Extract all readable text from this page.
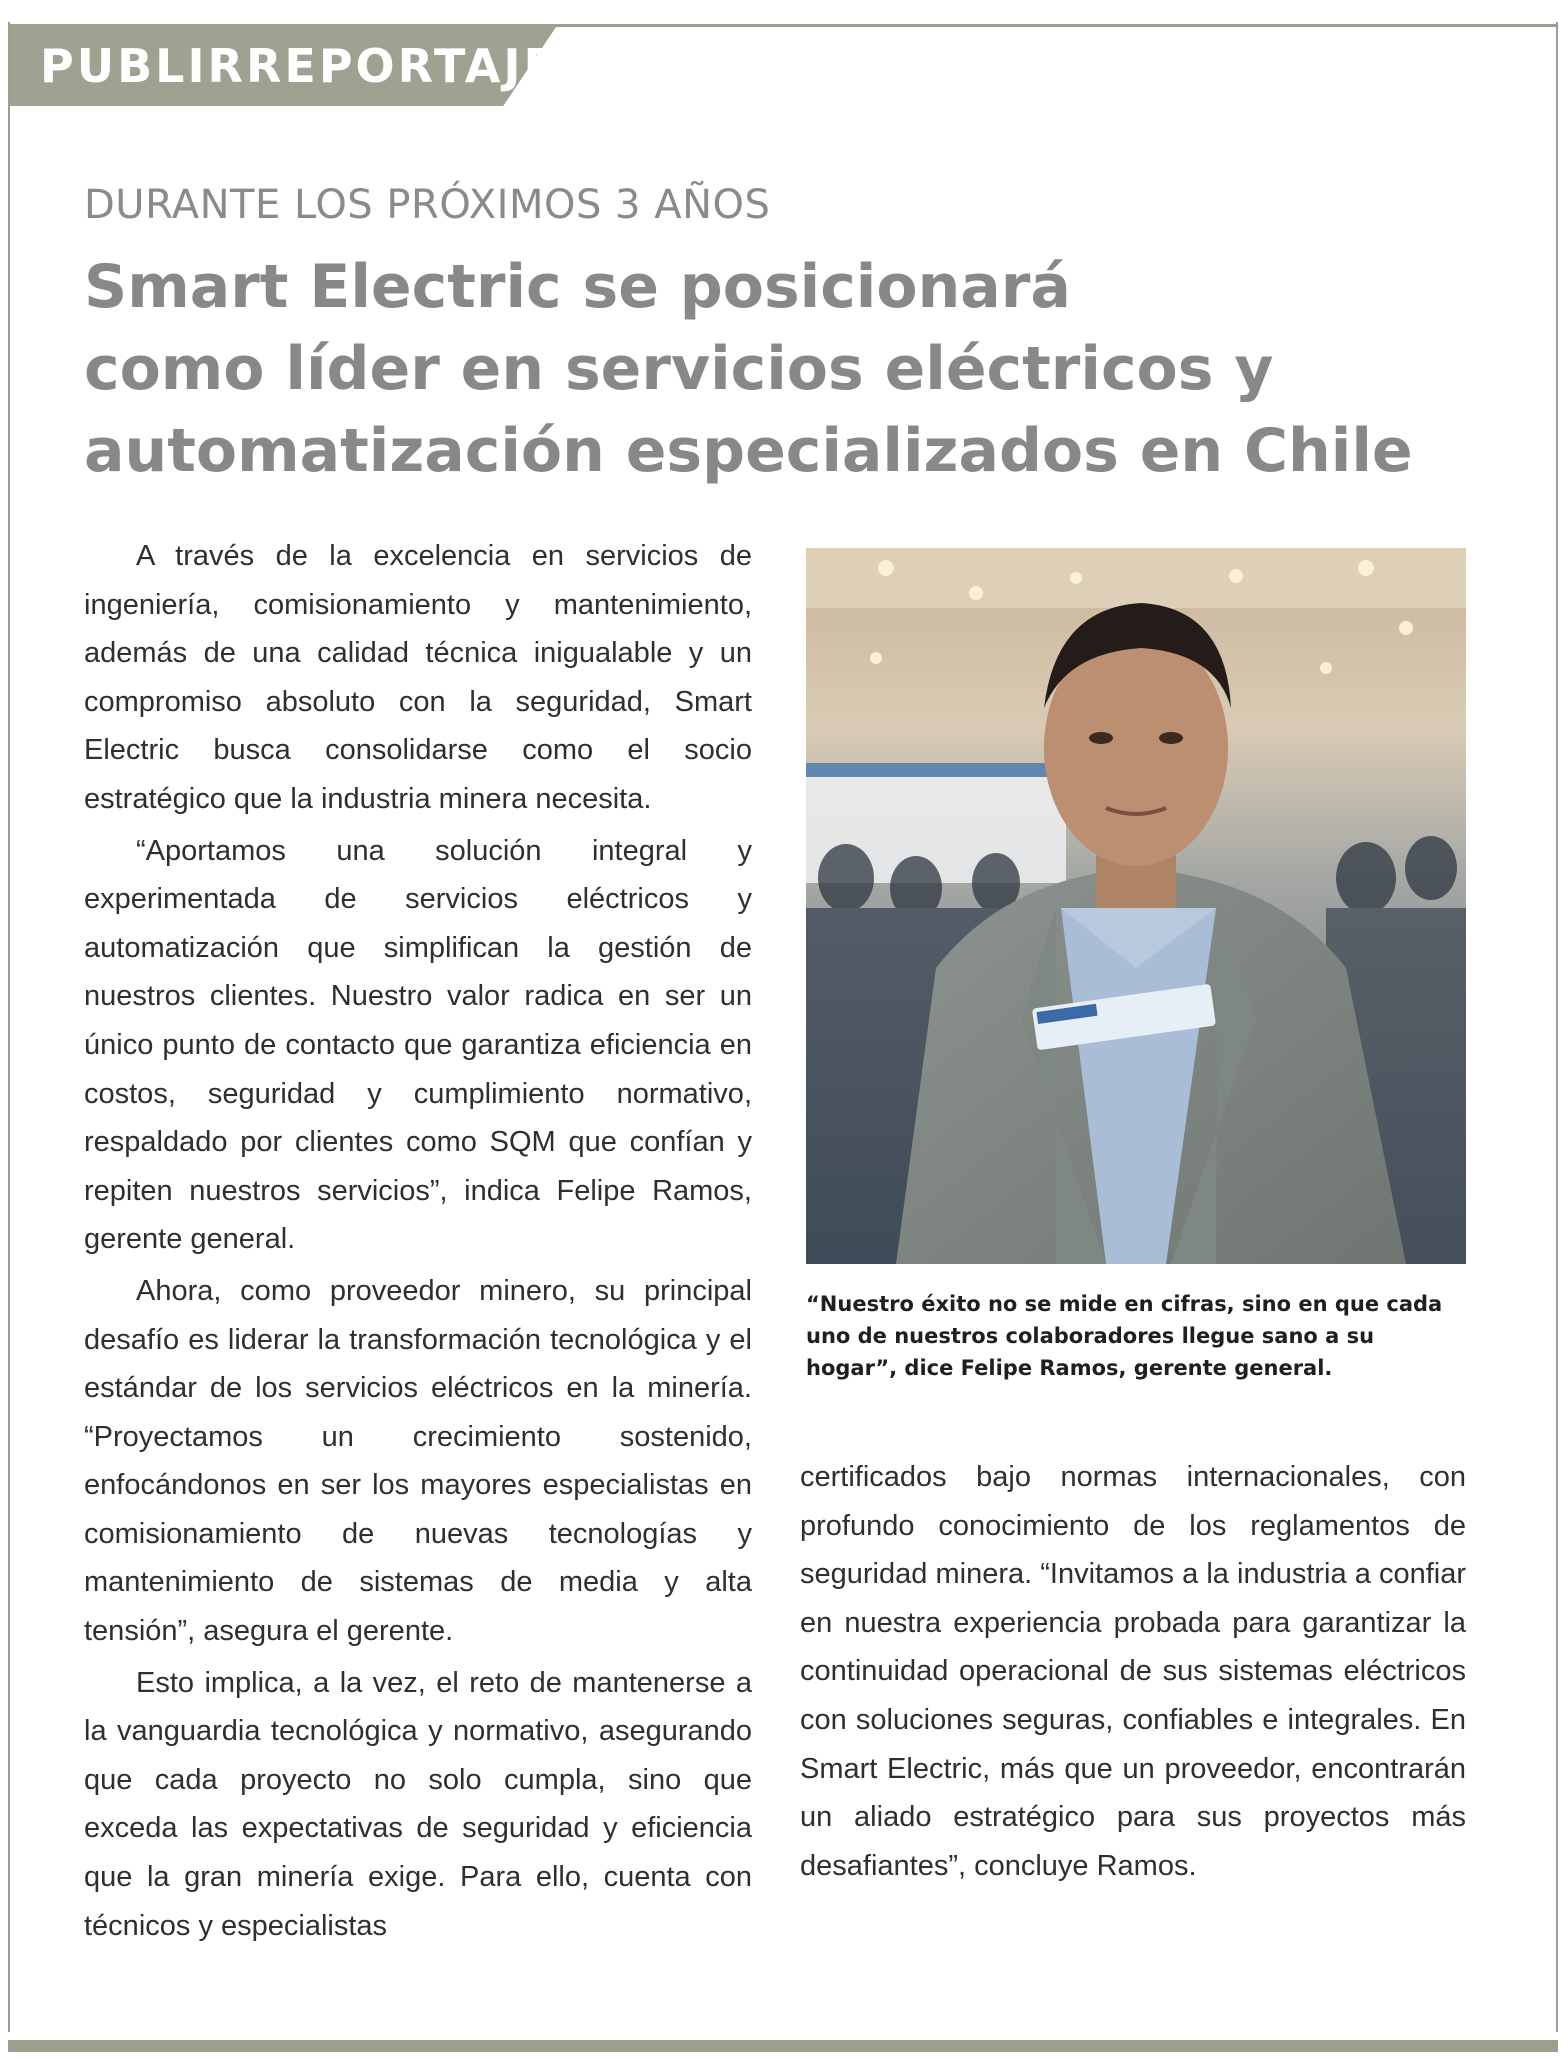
PUBLIRREPORTAJE
DURANTE LOS PRÓXIMOS 3 AÑOS
Smart Electric se posicionará
como líder en servicios eléctricos y
automatización especializados en Chile

A través de la excelencia en servicios de ingeniería, comisionamiento y mantenimiento, además de una calidad técnica inigualable y un compromiso absoluto con la seguridad, Smart Electric busca consolidarse como el socio estratégico que la industria minera necesita.

“Aportamos una solución integral y experimentada de servicios eléctricos y automatización que simplifican la gestión de nuestros clientes. Nuestro valor radica en ser un único punto de contacto que garantiza eficiencia en costos, seguridad y cumplimiento normativo, respaldado por clientes como SQM que confían y repiten nuestros servicios”, indica Felipe Ramos, gerente general.

Ahora, como proveedor minero, su principal desafío es liderar la transformación tecnológica y el estándar de los servicios eléctricos en la minería. “Proyectamos un crecimiento sostenido, enfocándonos en ser los mayores especialistas en comisionamiento de nuevas tecnologías y mantenimiento de sistemas de media y alta tensión”, asegura el gerente.

Esto implica, a la vez, el reto de mantenerse a la vanguardia tecnológica y normativo, asegurando que cada proyecto no solo cumpla, sino que exceda las expectativas de seguridad y eficiencia que la gran minería exige. Para ello, cuenta con técnicos y especialistas

“Nuestro éxito no se mide en cifras, sino en que cada uno de nuestros colaboradores llegue sano a su hogar”, dice Felipe Ramos, gerente general.

certificados bajo normas internacionales, con profundo conocimiento de los reglamentos de seguridad minera. “Invitamos a la industria a confiar en nuestra experiencia probada para garantizar la continuidad operacional de sus sistemas eléctricos con soluciones seguras, confiables e integrales. En Smart Electric, más que un proveedor, encontrarán un aliado estratégico para sus proyectos más desafiantes”, concluye Ramos.
